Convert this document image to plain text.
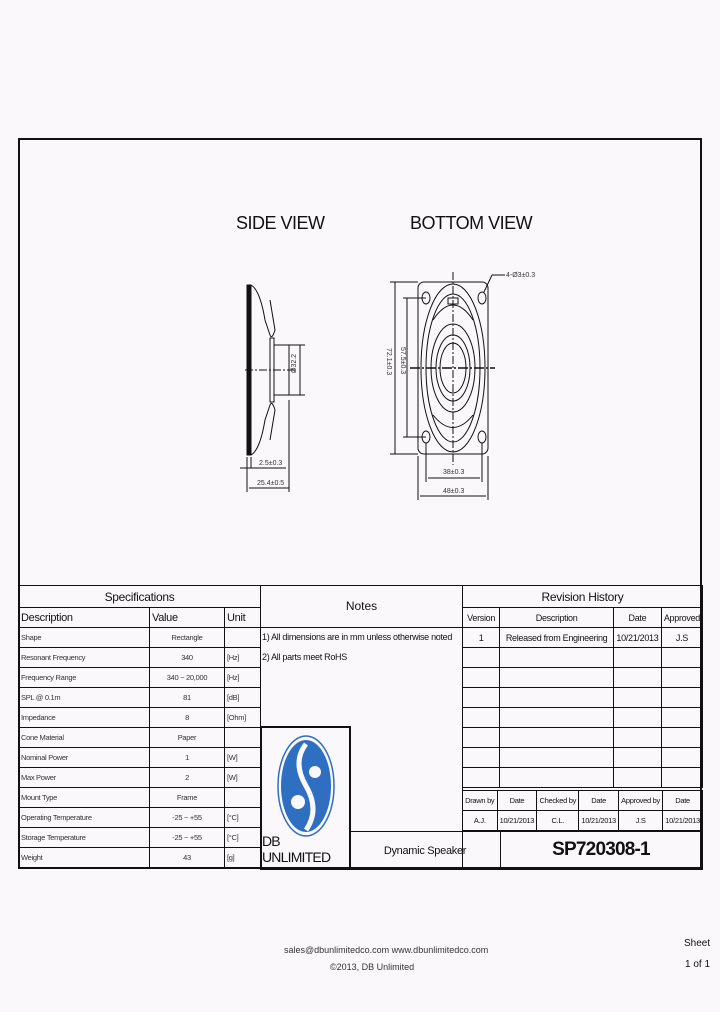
SIDE VIEW	BOTTOM VIEW
2.5±0.3
25.4±0.5
Ø32.2
4-Ø3±0.3
38±0.3
48±0.3
72.1±0.3 57.5±0.3
Specifications		
Description	Value	Unit
Shape	Rectangle	
Resonant Frequency	340	[Hz]
Frequency Range	340 ~ 20,000	[Hz]
SPL @ 0.1m	81	[dB]
Impedance	8	[Ohm]
Cone Material	Paper	
Nominal Power	1	[W]
Max Power	2	[W]
Mount Type	Frame	
Operating Temperature	-25 ~ +55	[°C]
Storage Temperature	-25 ~ +55	[°C]
Weight	43	[g]
Notes
1) All dimensions are in mm unless otherwise noted
2) All parts meet RoHS
DB UNLIMITED	Dynamic Speaker
Revision History			
Version	Description	Date	Approved
1	Released from Engineering	10/21/2013	J.S

Drawn by	Date	Checked by	Date	Approved by	Date
A.J.	10/21/2013	C.L.	10/21/2013	J.S	10/21/2013
SP720308-1
sales@dbunlimitedco.com www.dbunlimitedco.com
©2013, DB Unlimited
Sheet
1 of 1
